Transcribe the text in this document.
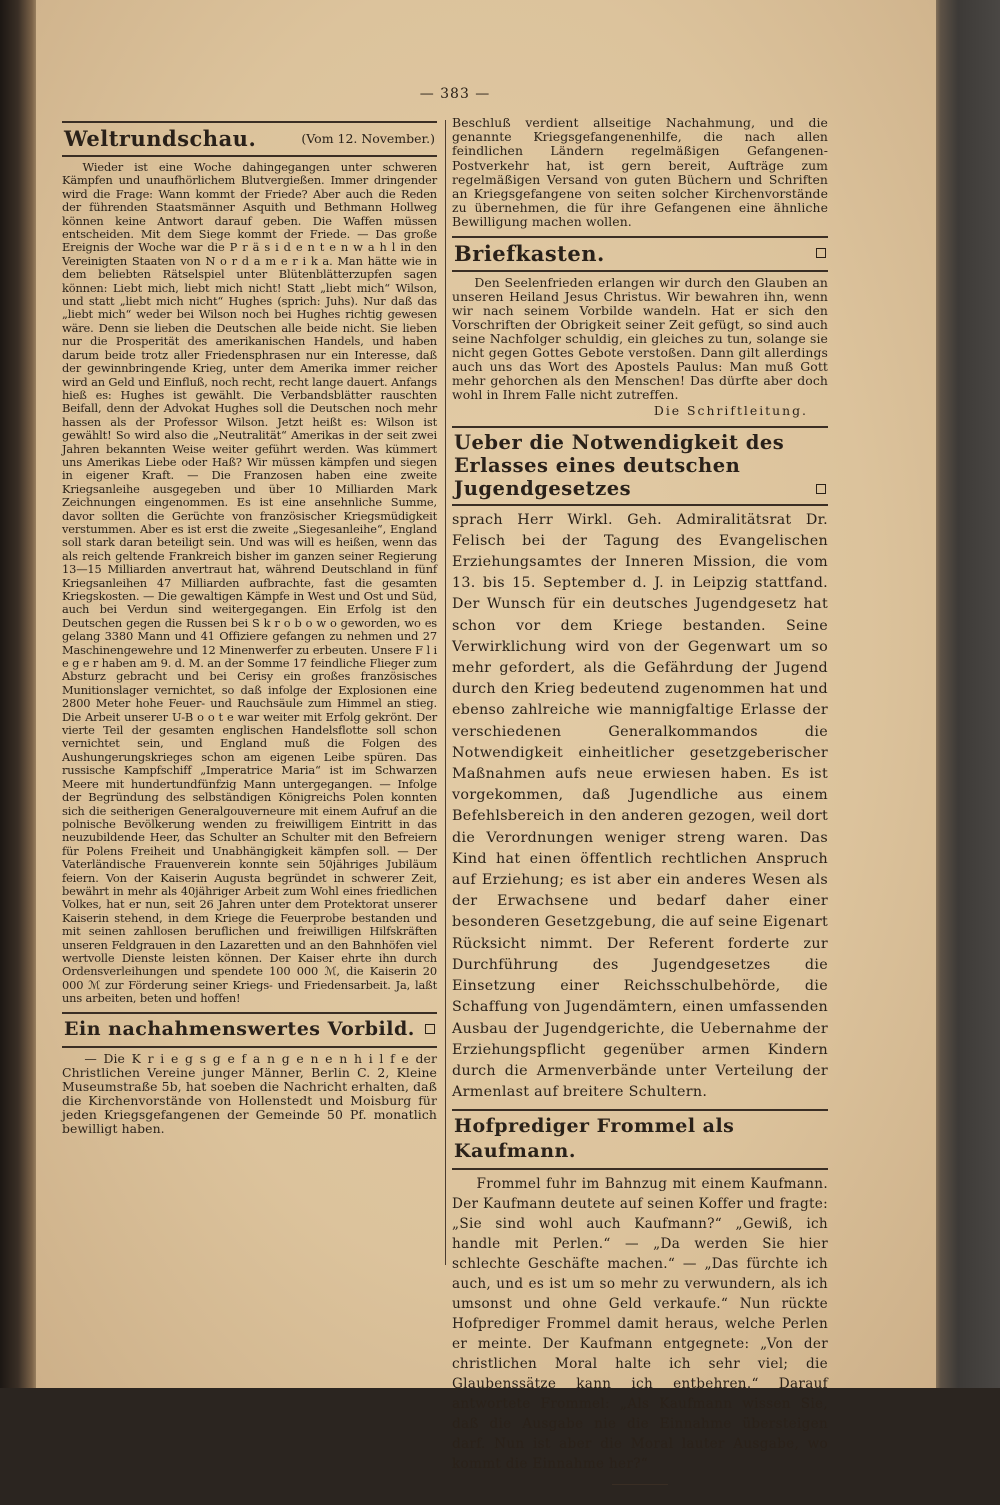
— 383 —
Weltrundschau.	(Vom 12. November.)
Wieder ist eine Woche dahingegangen unter schweren Kämpfen und unaufhörlichem Blutvergießen. Immer dringender wird die Frage: Wann kommt der Friede? Aber auch die Reden der führenden Staatsmänner Asquith und Bethmann Hollweg können keine Antwort darauf geben. Die Waffen müssen entscheiden. Mit dem Siege kommt der Friede. — Das große Ereignis der Woche war die P r ä s i d e n t e n w a h l in den Vereinigten Staaten von N o r d a m e r i k a. Man hätte wie in dem beliebten Rätselspiel unter Blütenblätterzupfen sagen können: Liebt mich, liebt mich nicht! Statt „liebt mich“ Wilson, und statt „liebt mich nicht“ Hughes (sprich: Juhs). Nur daß das „liebt mich“ weder bei Wilson noch bei Hughes richtig gewesen wäre. Denn sie lieben die Deutschen alle beide nicht. Sie lieben nur die Prosperität des amerikanischen Handels, und haben darum beide trotz aller Friedensphrasen nur ein Interesse, daß der gewinnbringende Krieg, unter dem Amerika immer reicher wird an Geld und Einfluß, noch recht, recht lange dauert. Anfangs hieß es: Hughes ist gewählt. Die Verbandsblätter rauschten Beifall, denn der Advokat Hughes soll die Deutschen noch mehr hassen als der Professor Wilson. Jetzt heißt es: Wilson ist gewählt! So wird also die „Neutralität“ Amerikas in der seit zwei Jahren bekannten Weise weiter geführt werden. Was kümmert uns Amerikas Liebe oder Haß? Wir müssen kämpfen und siegen in eigener Kraft. — Die Franzosen haben eine zweite Kriegsanleihe ausgegeben und über 10 Milliarden Mark Zeichnungen eingenommen. Es ist eine ansehnliche Summe, davor sollten die Gerüchte von französischer Kriegsmüdigkeit verstummen. Aber es ist erst die zweite „Siegesanleihe“, England soll stark daran beteiligt sein. Und was will es heißen, wenn das als reich geltende Frankreich bisher im ganzen seiner Regierung 13—15 Milliarden anvertraut hat, während Deutschland in fünf Kriegsanleihen 47 Milliarden aufbrachte, fast die gesamten Kriegskosten. — Die gewaltigen Kämpfe in West und Ost und Süd, auch bei Verdun sind weitergegangen. Ein Erfolg ist den Deutschen gegen die Russen bei S k r o b o w o geworden, wo es gelang 3380 Mann und 41 Offiziere gefangen zu nehmen und 27 Maschinengewehre und 12 Minenwerfer zu erbeuten. Unsere F l i e g e r haben am 9. d. M. an der Somme 17 feindliche Flieger zum Absturz gebracht und bei Cerisy ein großes französisches Munitionslager vernichtet, so daß infolge der Explosionen eine 2800 Meter hohe Feuer- und Rauchsäule zum Himmel an stieg. Die Arbeit unserer U-B o o t e war weiter mit Erfolg gekrönt. Der vierte Teil der gesamten englischen Handelsflotte soll schon vernichtet sein, und England muß die Folgen des Aushungerungskrieges schon am eigenen Leibe spüren. Das russische Kampfschiff „Imperatrice Maria“ ist im Schwarzen Meere mit hundertundfünfzig Mann untergegangen. — Infolge der Begründung des selbständigen Königreichs Polen konnten sich die seitherigen Generalgouverneure mit einem Aufruf an die polnische Bevölkerung wenden zu freiwilligem Eintritt in das neuzubildende Heer, das Schulter an Schulter mit den Befreiern für Polens Freiheit und Unabhängigkeit kämpfen soll. — Der Vaterländische Frauenverein konnte sein 50jähriges Jubiläum feiern. Von der Kaiserin Augusta begründet in schwerer Zeit, bewährt in mehr als 40jähriger Arbeit zum Wohl eines friedlichen Volkes, hat er nun, seit 26 Jahren unter dem Protektorat unserer Kaiserin stehend, in dem Kriege die Feuerprobe bestanden und mit seinen zahllosen beruflichen und freiwilligen Hilfskräften unseren Feldgrauen in den Lazaretten und an den Bahnhöfen viel wertvolle Dienste leisten können. Der Kaiser ehrte ihn durch Ordensverleihungen und spendete 100 000 ℳ, die Kaiserin 20 000 ℳ zur Förderung seiner Kriegs- und Friedensarbeit. Ja, laßt uns arbeiten, beten und hoffen!
Ein nachahmenswertes Vorbild.
— Die K r i e g s g e f a n g e n e n h i l f e der Christlichen Vereine junger Männer, Berlin C. 2, Kleine Museumstraße 5b, hat soeben die Nachricht erhalten, daß die Kirchenvorstände von Hollenstedt und Moisburg für jeden Kriegsgefangenen der Gemeinde 50 Pf. monatlich bewilligt haben.
Beschluß verdient allseitige Nachahmung, und die genannte Kriegsgefangenenhilfe, die nach allen feindlichen Ländern regelmäßigen Gefangenen-Postverkehr hat, ist gern bereit, Aufträge zum regelmäßigen Versand von guten Büchern und Schriften an Kriegsgefangene von seiten solcher Kirchenvorstände zu übernehmen, die für ihre Gefangenen eine ähnliche Bewilligung machen wollen.
Briefkasten.
Den Seelenfrieden erlangen wir durch den Glauben an unseren Heiland Jesus Christus. Wir bewahren ihn, wenn wir nach seinem Vorbilde wandeln. Hat er sich den Vorschriften der Obrigkeit seiner Zeit gefügt, so sind auch seine Nachfolger schuldig, ein gleiches zu tun, solange sie nicht gegen Gottes Gebote verstoßen. Dann gilt allerdings auch uns das Wort des Apostels Paulus: Man muß Gott mehr gehorchen als den Menschen! Das dürfte aber doch wohl in Ihrem Falle nicht zutreffen.
Die Schriftleitung.
Ueber die Notwendigkeit des Erlasses eines deutschen Jugendgesetzes
sprach Herr Wirkl. Geh. Admiralitätsrat Dr. Felisch bei der Tagung des Evangelischen Erziehungsamtes der Inneren Mission, die vom 13. bis 15. September d. J. in Leipzig stattfand. Der Wunsch für ein deutsches Jugendgesetz hat schon vor dem Kriege bestanden. Seine Verwirklichung wird von der Gegenwart um so mehr gefordert, als die Gefährdung der Jugend durch den Krieg bedeutend zugenommen hat und ebenso zahlreiche wie mannigfaltige Erlasse der verschiedenen Generalkommandos die Notwendigkeit einheitlicher gesetzgeberischer Maßnahmen aufs neue erwiesen haben. Es ist vorgekommen, daß Jugendliche aus einem Befehlsbereich in den anderen gezogen, weil dort die Verordnungen weniger streng waren. Das Kind hat einen öffentlich rechtlichen Anspruch auf Erziehung; es ist aber ein anderes Wesen als der Erwachsene und bedarf daher einer besonderen Gesetzgebung, die auf seine Eigenart Rücksicht nimmt. Der Referent forderte zur Durchführung des Jugendgesetzes die Einsetzung einer Reichsschulbehörde, die Schaffung von Jugendämtern, einen umfassenden Ausbau der Jugendgerichte, die Uebernahme der Erziehungspflicht gegenüber armen Kindern durch die Armenverbände unter Verteilung der Armenlast auf breitere Schultern.
Hofprediger Frommel als Kaufmann.
Frommel fuhr im Bahnzug mit einem Kaufmann. Der Kaufmann deutete auf seinen Koffer und fragte: „Sie sind wohl auch Kaufmann?“ „Gewiß, ich handle mit Perlen.“ — „Da werden Sie hier schlechte Geschäfte machen.“ — „Das fürchte ich auch, und es ist um so mehr zu verwundern, als ich umsonst und ohne Geld verkaufe.“ Nun rückte Hofprediger Frommel damit heraus, welche Perlen er meinte. Der Kaufmann entgegnete: „Von der christlichen Moral halte ich sehr viel; die Glaubenssätze kann ich entbehren.“ Darauf antwortete Frommel: „Als Kaufmann wissen Sie, daß die Ausgabe nie die Einnahme übersteigen darf. Nun ist aber die Moral lauter Ausgabe, wo kommt die Einnahme her?“
